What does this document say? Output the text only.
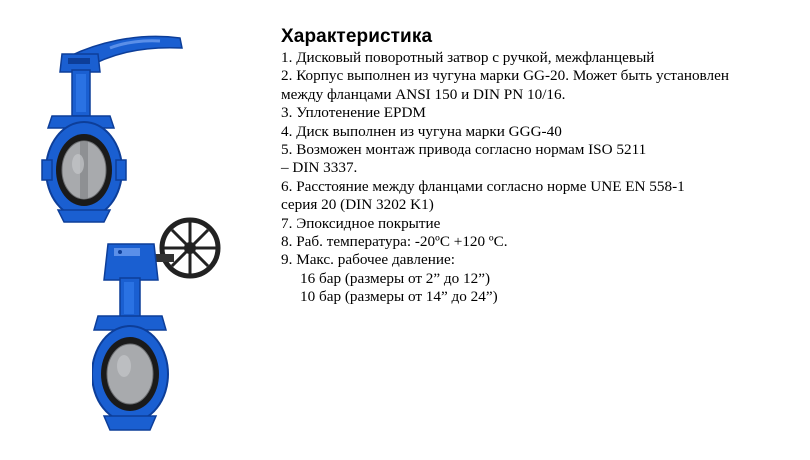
Характеристика
1. Дисковый поворотный затвор с ручкой, межфланцевый
2. Корпус выполнен из чугуна марки GG-20. Может быть установлен
между фланцами ANSI 150 и DIN PN 10/16.
3. Уплотенение EPDM
4. Диск выполнен из чугуна марки GGG-40
5. Возможен монтаж привода согласно нормам ISO 5211
– DIN 3337.
6. Расстояние между фланцами согласно норме UNE EN 558-1
серия 20 (DIN 3202 K1)
7. Эпоксидное покрытие
8. Раб. температура: -20ºC +120 ºC.
9. Макс. рабочее давление:
16 бар (размеры от 2” до 12”)
10 бар (размеры от 14” до 24”)
